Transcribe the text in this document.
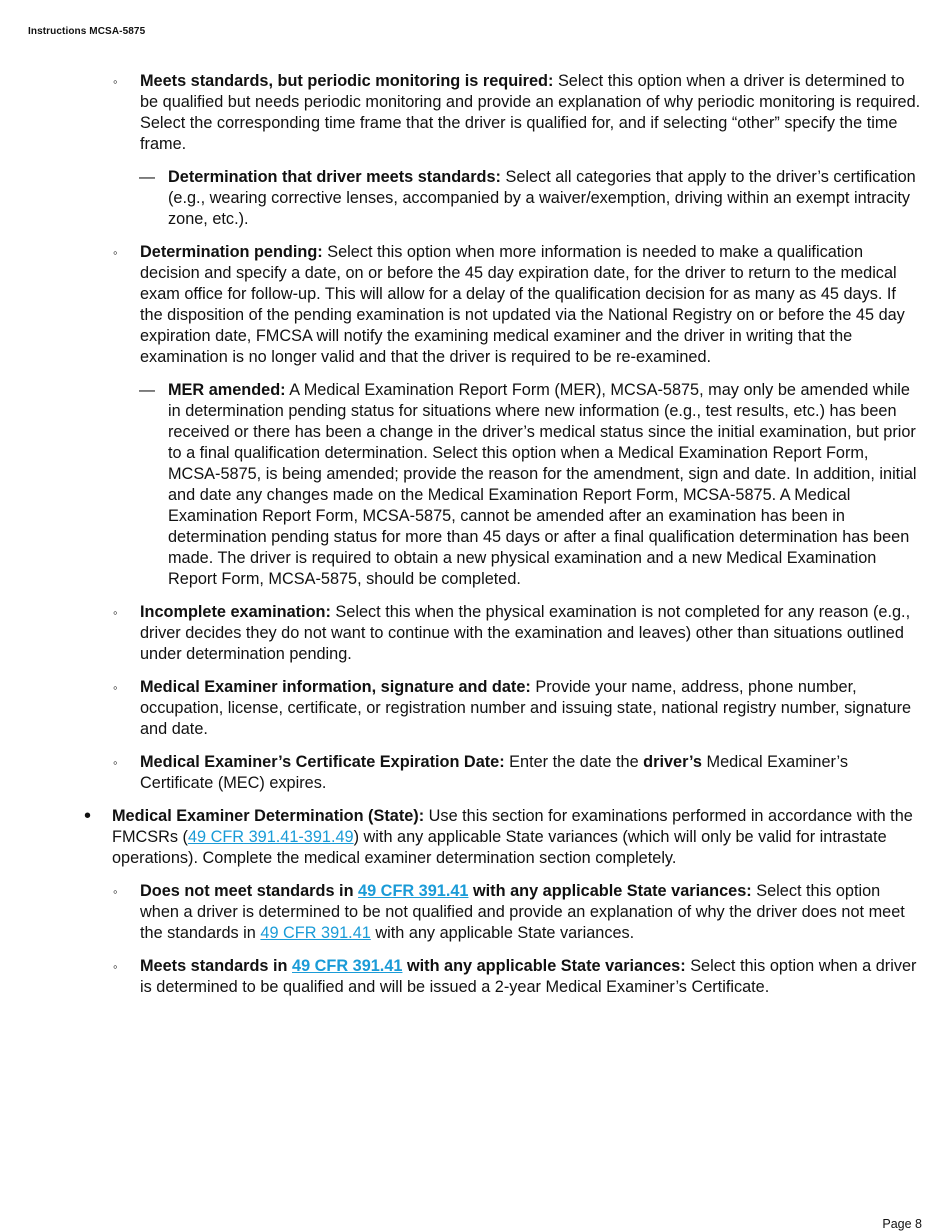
Instructions MCSA-5875
◦ Meets standards, but periodic monitoring is required: Select this option when a driver is determined to be qualified but needs periodic monitoring and provide an explanation of why periodic monitoring is required. Select the corresponding time frame that the driver is qualified for, and if selecting “other” specify the time frame.

— Determination that driver meets standards: Select all categories that apply to the driver’s certification (e.g., wearing corrective lenses, accompanied by a waiver/exemption, driving within an exempt intracity zone, etc.).

◦ Determination pending: Select this option when more information is needed to make a qualification decision and specify a date, on or before the 45 day expiration date, for the driver to return to the medical exam office for follow-up. This will allow for a delay of the qualification decision for as many as 45 days. If the disposition of the pending examination is not updated via the National Registry on or before the 45 day expiration date, FMCSA will notify the examining medical examiner and the driver in writing that the examination is no longer valid and that the driver is required to be re-examined.

— MER amended: A Medical Examination Report Form (MER), MCSA-5875, may only be amended while in determination pending status for situations where new information (e.g., test results, etc.) has been received or there has been a change in the driver’s medical status since the initial examination, but prior to a final qualification determination. Select this option when a Medical Examination Report Form, MCSA-5875, is being amended; provide the reason for the amendment, sign and date. In addition, initial and date any changes made on the Medical Examination Report Form, MCSA-5875. A Medical Examination Report Form, MCSA-5875, cannot be amended after an examination has been in determination pending status for more than 45 days or after a final qualification determination has been made. The driver is required to obtain a new physical examination and a new Medical Examination Report Form, MCSA-5875, should be completed.

◦ Incomplete examination: Select this when the physical examination is not completed for any reason (e.g., driver decides they do not want to continue with the examination and leaves) other than situations outlined under determination pending.

◦ Medical Examiner information, signature and date: Provide your name, address, phone number, occupation, license, certificate, or registration number and issuing state, national registry number, signature and date.

◦ Medical Examiner’s Certificate Expiration Date: Enter the date the driver’s Medical Examiner’s Certificate (MEC) expires.

• Medical Examiner Determination (State): Use this section for examinations performed in accordance with the FMCSRs (49 CFR 391.41-391.49) with any applicable State variances (which will only be valid for intrastate operations). Complete the medical examiner determination section completely.

◦ Does not meet standards in 49 CFR 391.41 with any applicable State variances: Select this option when a driver is determined to be not qualified and provide an explanation of why the driver does not meet the standards in 49 CFR 391.41 with any applicable State variances.

◦ Meets standards in 49 CFR 391.41 with any applicable State variances: Select this option when a driver is determined to be qualified and will be issued a 2-year Medical Examiner’s Certificate.

Page 8
